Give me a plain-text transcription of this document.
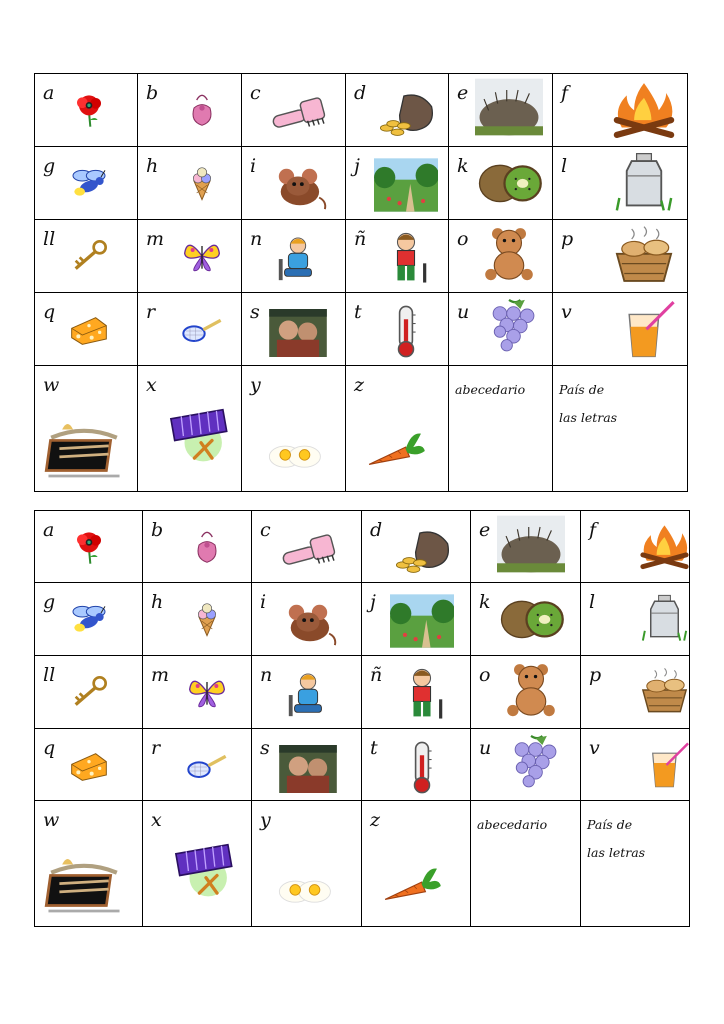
a	b	c	d	e	f

g	h	i	j	k	l

ll	m	n	ñ	o	p

q	r	s	t	u	v

w	x	y	z	abecedario	País de
las letras
a	b	c	d	e	f

g	h	i	j	k	l

ll	m	n	ñ	o	p

q	r	s	t	u	v

w	x	y	z	abecedario	País de
las letras
